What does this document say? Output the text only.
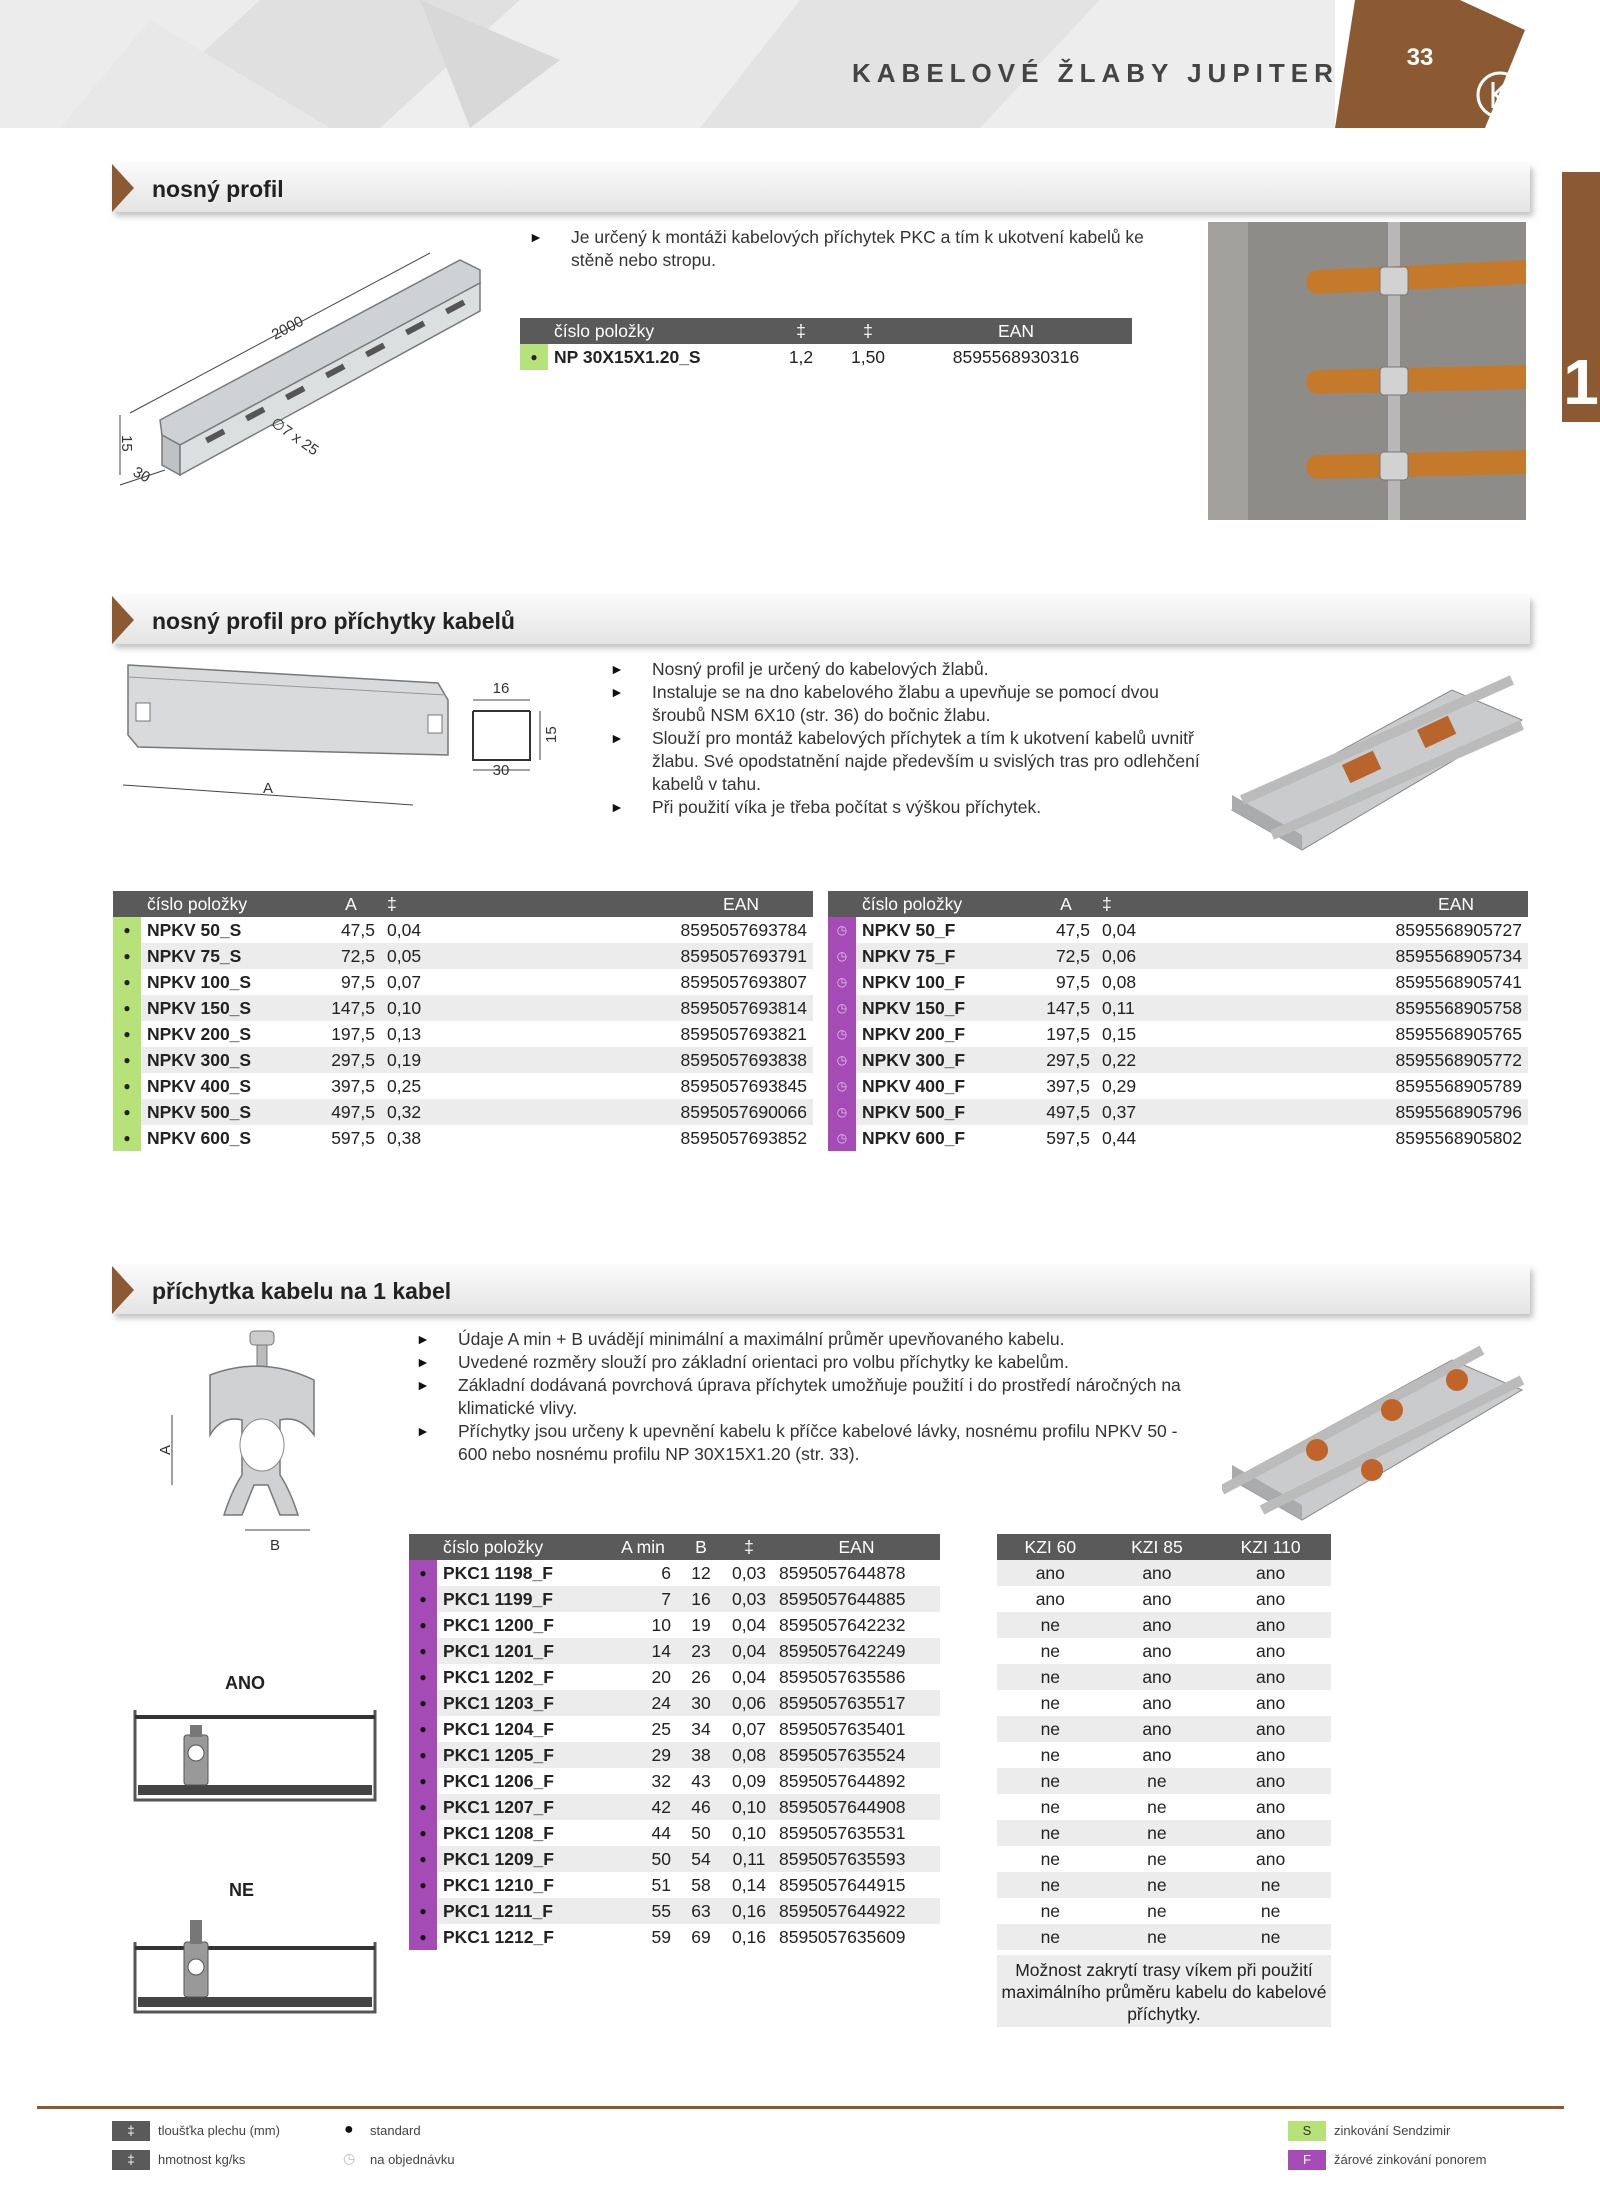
KABELOVÉ ŽLABY JUPITER
33
1
nosný profil
2000
15
30
∅7 x 25
► Je určený k montáži kabelových příchytek PKC a tím k ukotvení kabelů ke stěně nebo stropu.
	číslo položky	‡	‡	EAN
●	NP 30X15X1.20_S	1,2	1,50	8595568930316
nosný profil pro příchytky kabelů
A
16
15
30
► Nosný profil je určený do kabelových žlabů.
► Instaluje se na dno kabelového žlabu a upevňuje se pomocí dvou šroubů NSM 6X10 (str. 36) do bočnic žlabu.
► Slouží pro montáž kabelových příchytek a tím k ukotvení kabelů uvnitř žlabu. Své opodstatnění najde především u svislých tras pro odlehčení kabelů v tahu.
► Při použití víka je třeba počítat s výškou příchytek.
	číslo položky	A	‡	EAN
●	NPKV 50_S	47,5	0,04	8595057693784
●	NPKV 75_S	72,5	0,05	8595057693791
●	NPKV 100_S	97,5	0,07	8595057693807
●	NPKV 150_S	147,5	0,10	8595057693814
●	NPKV 200_S	197,5	0,13	8595057693821
●	NPKV 300_S	297,5	0,19	8595057693838
●	NPKV 400_S	397,5	0,25	8595057693845
●	NPKV 500_S	497,5	0,32	8595057690066
●	NPKV 600_S	597,5	0,38	8595057693852
	číslo položky	A	‡	EAN
◷	NPKV 50_F	47,5	0,04	8595568905727
◷	NPKV 75_F	72,5	0,06	8595568905734
◷	NPKV 100_F	97,5	0,08	8595568905741
◷	NPKV 150_F	147,5	0,11	8595568905758
◷	NPKV 200_F	197,5	0,15	8595568905765
◷	NPKV 300_F	297,5	0,22	8595568905772
◷	NPKV 400_F	397,5	0,29	8595568905789
◷	NPKV 500_F	497,5	0,37	8595568905796
◷	NPKV 600_F	597,5	0,44	8595568905802
příchytka kabelu na 1 kabel
A
B
► Údaje A min + B uvádějí minimální a maximální průměr upevňovaného kabelu.
► Uvedené rozměry slouží pro základní orientaci pro volbu příchytky ke kabelům.
► Základní dodávaná povrchová úprava příchytek umožňuje použití i do prostředí náročných na klimatické vlivy.
► Příchytky jsou určeny k upevnění kabelu k příčce kabelové lávky, nosnému profilu NPKV 50 - 600 nebo nosnému profilu NP 30X15X1.20 (str. 33).
ANO
NE
	číslo položky	A min	B	‡	EAN
●	PKC1 1198_F	6	12	0,03	8595057644878
●	PKC1 1199_F	7	16	0,03	8595057644885
●	PKC1 1200_F	10	19	0,04	8595057642232
●	PKC1 1201_F	14	23	0,04	8595057642249
●	PKC1 1202_F	20	26	0,04	8595057635586
●	PKC1 1203_F	24	30	0,06	8595057635517
●	PKC1 1204_F	25	34	0,07	8595057635401
●	PKC1 1205_F	29	38	0,08	8595057635524
●	PKC1 1206_F	32	43	0,09	8595057644892
●	PKC1 1207_F	42	46	0,10	8595057644908
●	PKC1 1208_F	44	50	0,10	8595057635531
●	PKC1 1209_F	50	54	0,11	8595057635593
●	PKC1 1210_F	51	58	0,14	8595057644915
●	PKC1 1211_F	55	63	0,16	8595057644922
●	PKC1 1212_F	59	69	0,16	8595057635609
KZI 60	KZI 85	KZI 110
ano	ano	ano
ano	ano	ano
ne	ano	ano
ne	ano	ano
ne	ano	ano
ne	ano	ano
ne	ano	ano
ne	ano	ano
ne	ne	ano
ne	ne	ano
ne	ne	ano
ne	ne	ano
ne	ne	ne
ne	ne	ne
ne	ne	ne
Možnost zakrytí trasy víkem při použití maximálního průměru kabelu do kabelové příchytky.
‡	tloušťka plechu (mm)
‡	hmotnost kg/ks
● standard
◷ na objednávku
S	zinkování Sendzimir
F	žárové zinkování ponorem
